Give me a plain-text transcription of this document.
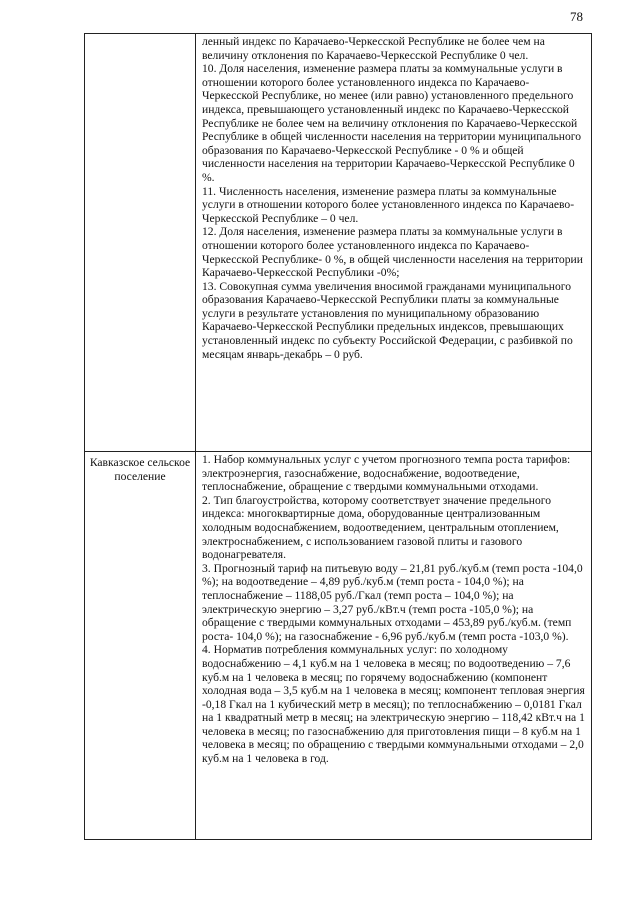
78

	ленный индекс по Карачаево-Черкесской Республике не более чем на величину отклонения по Карачаево-Черкесской Республике 0 чел.

10. Доля населения, изменение размера платы за коммунальные услуги в отношении которого более установленного индекса по Карачаево-Черкесской Республике, но менее (или равно) установленного предельного индекса, превышающего установленный индекс по Карачаево-Черкесской Республике не более чем на величину отклонения по Карачаево-Черкесской Республике в общей численности населения на территории муниципального образования по Карачаево-Черкесской Республике - 0 % и общей численности населения на территории Карачаево-Черкесской Республике 0 %.

11. Численность населения, изменение размера платы за коммунальные услуги в отношении которого более установленного индекса по Карачаево-Черкесской Республике – 0 чел.

12. Доля населения, изменение размера платы за коммунальные услуги в отношении которого более установленного индекса по Карачаево-Черкесской Республике- 0 %, в общей численности населения на территории Карачаево-Черкесской Республики -0%;

13. Совокупная сумма увеличения вносимой гражданами муниципального образования Карачаево-Черкесской Республики платы за коммунальные услуги в результате установления по муниципальному образованию Карачаево-Черкесской Республики предельных индексов, превышающих установленный индекс по субъекту Российской Федерации, с разбивкой по месяцам январь-декабрь – 0 руб.

Кавказское сельское поселение	1. Набор коммунальных услуг с учетом прогнозного темпа роста тарифов: электроэнергия, газоснабжение, водоснабжение, водоотведение, теплоснабжение, обращение с твердыми коммунальными отходами.

2. Тип благоустройства, которому соответствует значение предельного индекса: многоквартирные дома, оборудованные централизованным холодным водоснабжением, водоотведением, центральным отоплением, электроснабжением, с использованием газовой плиты и газового водонагревателя.

3. Прогнозный тариф на питьевую воду – 21,81 руб./куб.м (темп роста -104,0 %); на водоотведение – 4,89 руб./куб.м (темп роста - 104,0 %); на теплоснабжение – 1188,05 руб./Гкал (темп роста – 104,0 %); на электрическую энергию – 3,27 руб./кВт.ч (темп роста -105,0 %); на обращение с твердыми коммунальных отходами – 453,89 руб./куб.м. (темп роста- 104,0 %); на газоснабжение - 6,96 руб./куб.м (темп роста -103,0 %).

4. Норматив потребления коммунальных услуг: по холодному водоснабжению – 4,1 куб.м на 1 человека в месяц; по водоотведению – 7,6 куб.м на 1 человека в месяц; по горячему водоснабжению (компонент холодная вода – 3,5 куб.м на 1 человека в месяц; компонент тепловая энергия -0,18 Гкал на 1 кубический метр в месяц); по теплоснабжению – 0,0181 Гкал на 1 квадратный метр в месяц; на электрическую энергию – 118,42 кВт.ч на 1 человека в месяц; по газоснабжению для приготовления пищи – 8 куб.м на 1 человека в месяц; по обращению с твердыми коммунальными отходами – 2,0 куб.м на 1 человека в год.
